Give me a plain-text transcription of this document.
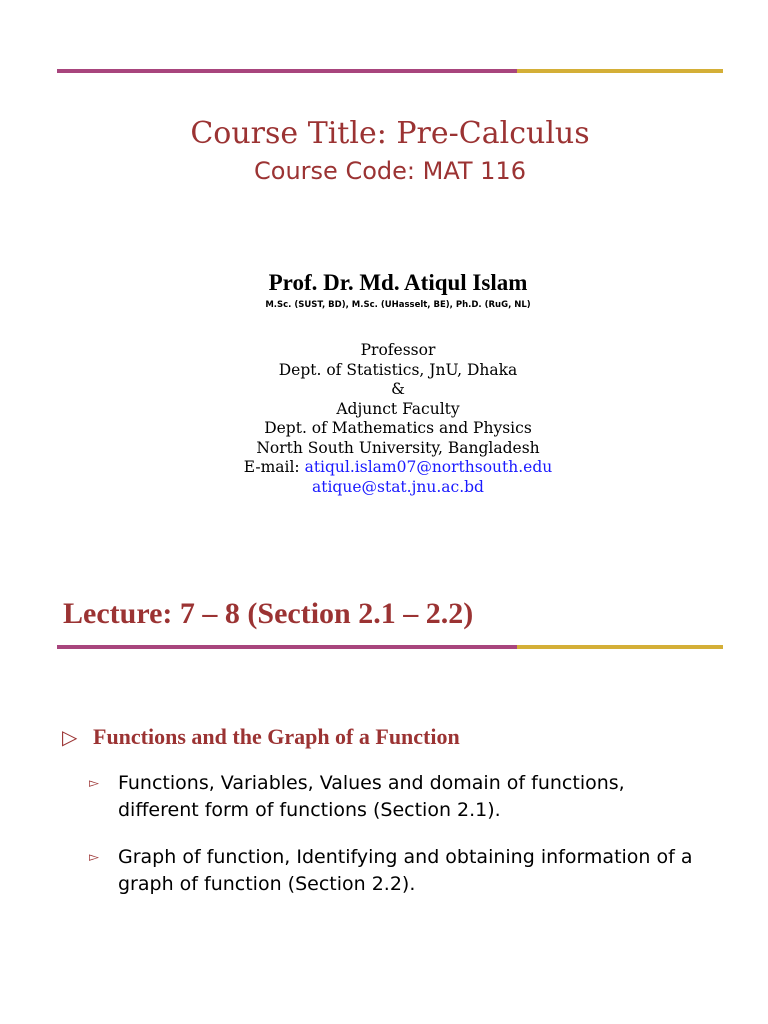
Course Title: Pre-Calculus
Course Code: MAT 116
Prof. Dr. Md. Atiqul Islam
M.Sc. (SUST, BD), M.Sc. (UHasselt, BE), Ph.D. (RuG, NL)
Professor
Dept. of Statistics, JnU, Dhaka
&
Adjunct Faculty
Dept. of Mathematics and Physics
North South University, Bangladesh
E-mail: atiqul.islam07@northsouth.edu
atique@stat.jnu.ac.bd
Lecture: 7 – 8 (Section 2.1 – 2.2)
▷ Functions and the Graph of a Function
▻ Functions, Variables, Values and domain of functions, different form of functions (Section 2.1).
▻ Graph of function, Identifying and obtaining information of a graph of function (Section 2.2).
